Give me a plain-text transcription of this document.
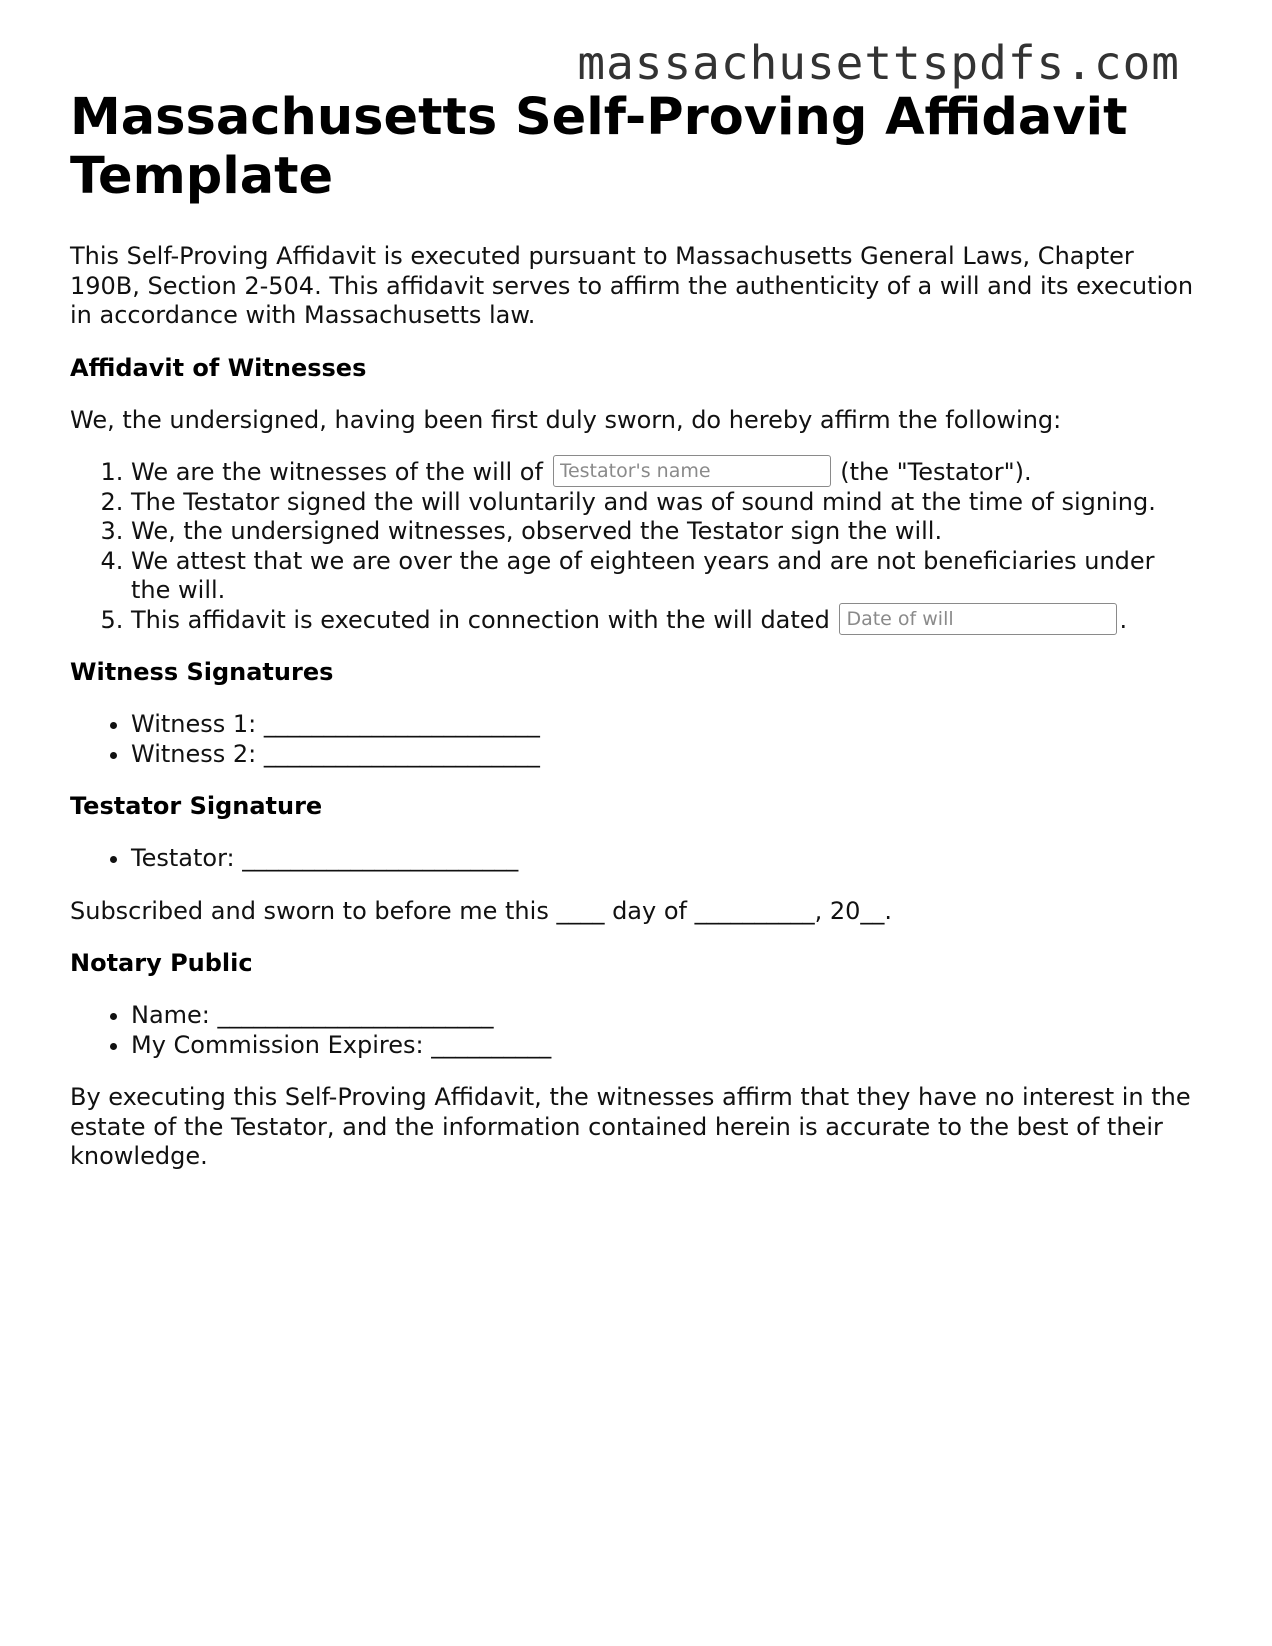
massachusettspdfs.com
Massachusetts Self-Proving Affidavit Template

This Self-Proving Affidavit is executed pursuant to Massachusetts General Laws, Chapter 190B, Section 2-504. This affidavit serves to affirm the authenticity of a will and its execution in accordance with Massachusetts law.

Affidavit of Witnesses

We, the undersigned, having been first duly sworn, do hereby affirm the following:

1. We are the witnesses of the will of Testator's name	(the "Testator").
2. The Testator signed the will voluntarily and was of sound mind at the time of signing.
3. We, the undersigned witnesses, observed the Testator sign the will.
4. We attest that we are over the age of eighteen years and are not beneficiaries under the will.
5. This affidavit is executed in connection with the will dated Date of will	.
Witness Signatures
• Witness 1: _______________________
• Witness 2: _______________________
Testator Signature
• Testator: _______________________

Subscribed and sworn to before me this ____ day of __________, 20__.

Notary Public
• Name: _______________________
• My Commission Expires: __________

By executing this Self-Proving Affidavit, the witnesses affirm that they have no interest in the estate of the Testator, and the information contained herein is accurate to the best of their knowledge.
